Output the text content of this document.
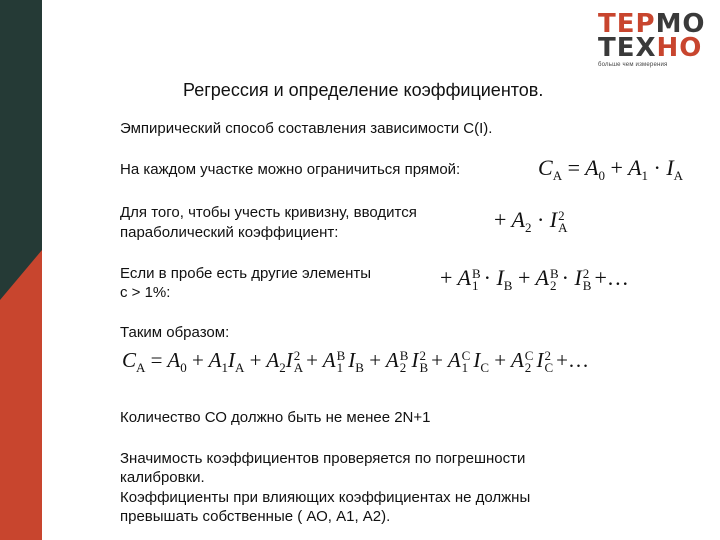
ТЕРМО
ТЕХНО
больше чем измерения
Регрессия и определение коэффициентов.
Эмпирический способ составления зависимости С(I).
На каждом участке можно ограничиться прямой:
Для того, чтобы учесть кривизну, вводится
параболический коэффициент:
Если в пробе есть другие элементы
с > 1%:
Таким образом:
Количество СО должно быть не менее 2N+1
Значимость коэффициентов проверяется по погрешности
калибровки.
Коэффициенты при влияющих коэффициентах не должны
превышать собственные ( АО, А1, А2).
$C_A = A_0 + A_1 \cdot I_A$
+ $A_2 \cdot I$ 2
A
+ A B
$1 \cdot I_B + A$ B
2 · I 2
B +…
$C_A = A_0 + A_1I_A + A_2I$ 2
A + A B
1 $I_B + A$ B
2 I 2
B + A C
1 $I_C + A$ C
2 I 2
C +…
